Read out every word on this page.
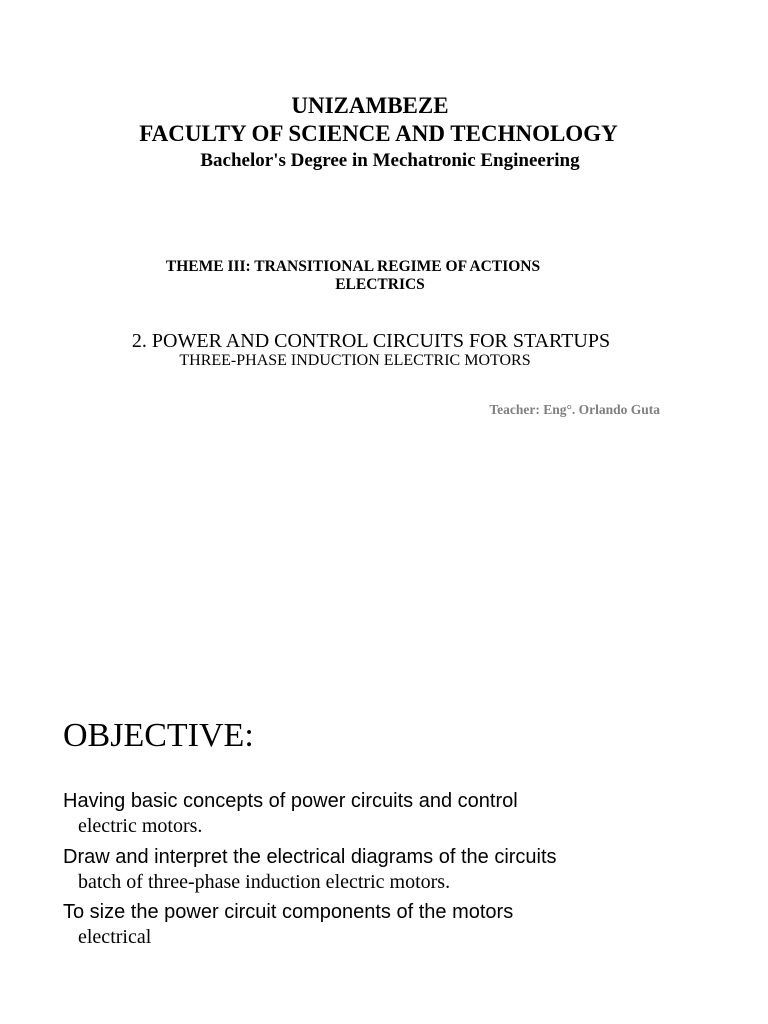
UNIZAMBEZE
FACULTY OF SCIENCE AND TECHNOLOGY
Bachelor's Degree in Mechatronic Engineering
THEME III: TRANSITIONAL REGIME OF ACTIONS
ELECTRICS
2. POWER AND CONTROL CIRCUITS FOR STARTUPS
THREE-PHASE INDUCTION ELECTRIC MOTORS
Teacher: Eng°. Orlando Guta
OBJECTIVE:
Having basic concepts of power circuits and control
electric motors.
Draw and interpret the electrical diagrams of the circuits
batch of three-phase induction electric motors.
To size the power circuit components of the motors
electrical
